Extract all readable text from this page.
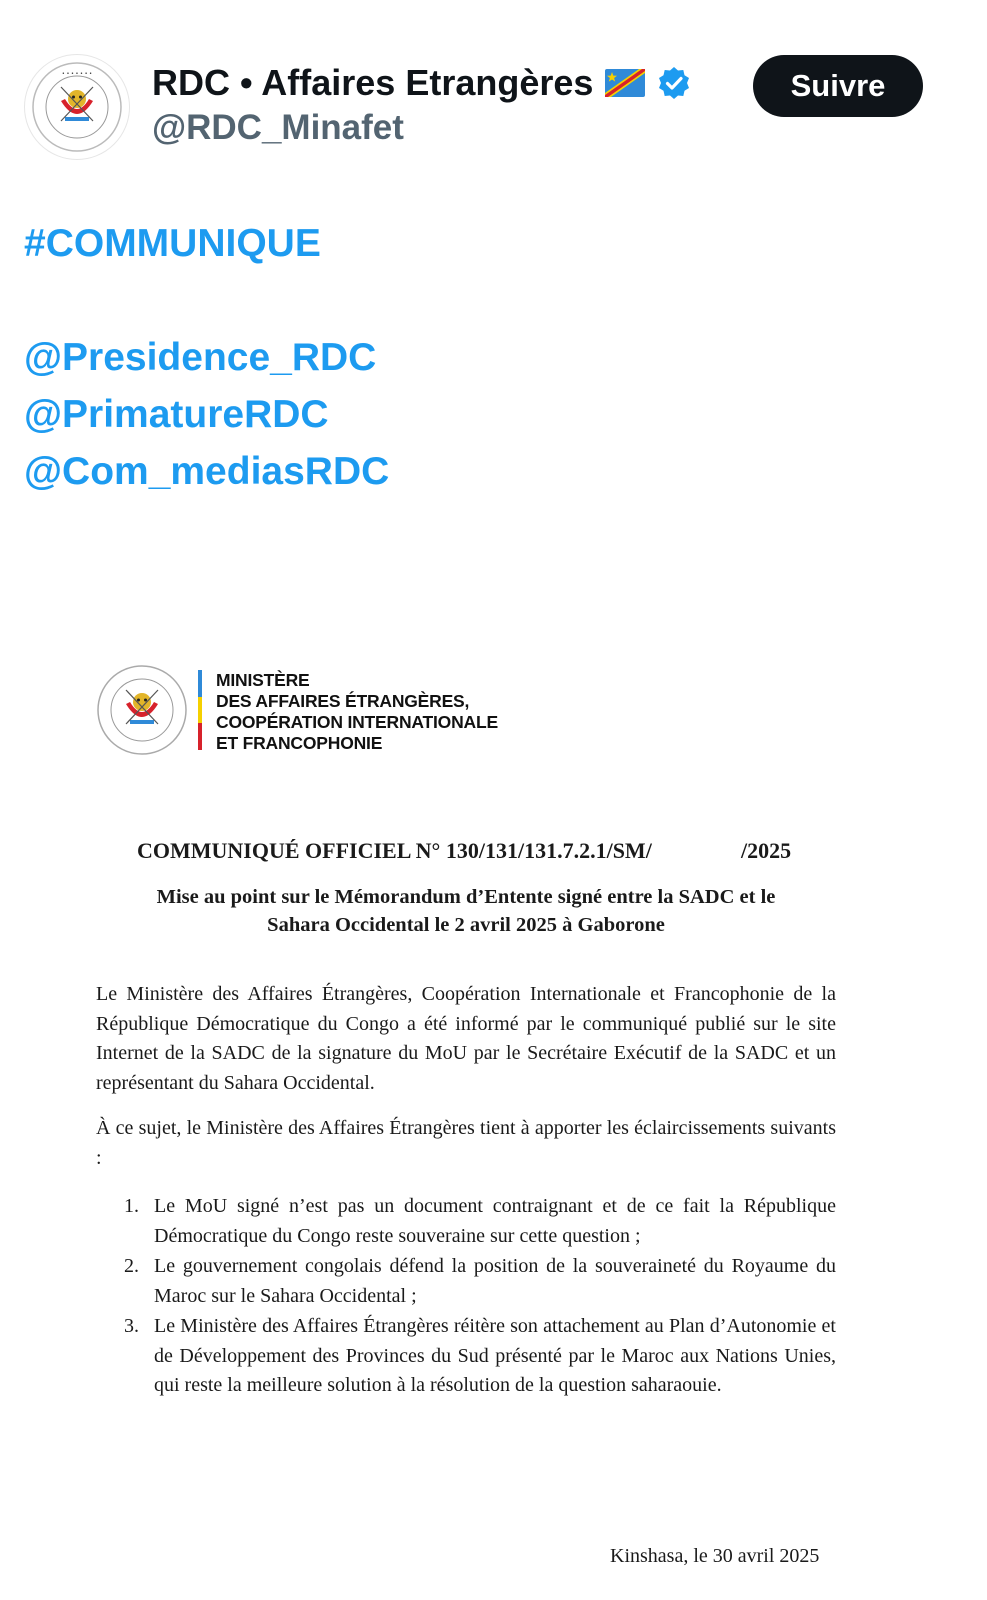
• • • • • • • RDC • Affaires Etrangères
@RDC_Minafet
Suivre
#COMMUNIQUE
@Presidence_RDC
@PrimatureRDC
@Com_mediasRDC
MINISTÈRE
DES AFFAIRES ÉTRANGÈRES,
COOPÉRATION INTERNATIONALE
ET FRANCOPHONIE
COMMUNIQUÉ OFFICIEL N° 130/131/131.7.2.1/SM/	/2025
Mise au point sur le Mémorandum d’Entente signé entre la SADC et le
Sahara Occidental le 2 avril 2025 à Gaborone
Le Ministère des Affaires Étrangères, Coopération Internationale et Francophonie de la République Démocratique du Congo a été informé par le communiqué publié sur le site Internet de la SADC de la signature du MoU par le Secrétaire Exécutif de la SADC et un représentant du Sahara Occidental.
À ce sujet, le Ministère des Affaires Étrangères tient à apporter les éclaircissements suivants :
1. Le MoU signé n’est pas un document contraignant et de ce fait la République Démocratique du Congo reste souveraine sur cette question ;
2. Le gouvernement congolais défend la position de la souveraineté du Royaume du Maroc sur le Sahara Occidental ;
3. Le Ministère des Affaires Étrangères réitère son attachement au Plan d’Autonomie et de Développement des Provinces du Sud présenté par le Maroc aux Nations Unies, qui reste la meilleure solution à la résolution de la question saharaouie.
Kinshasa, le 30 avril 2025
